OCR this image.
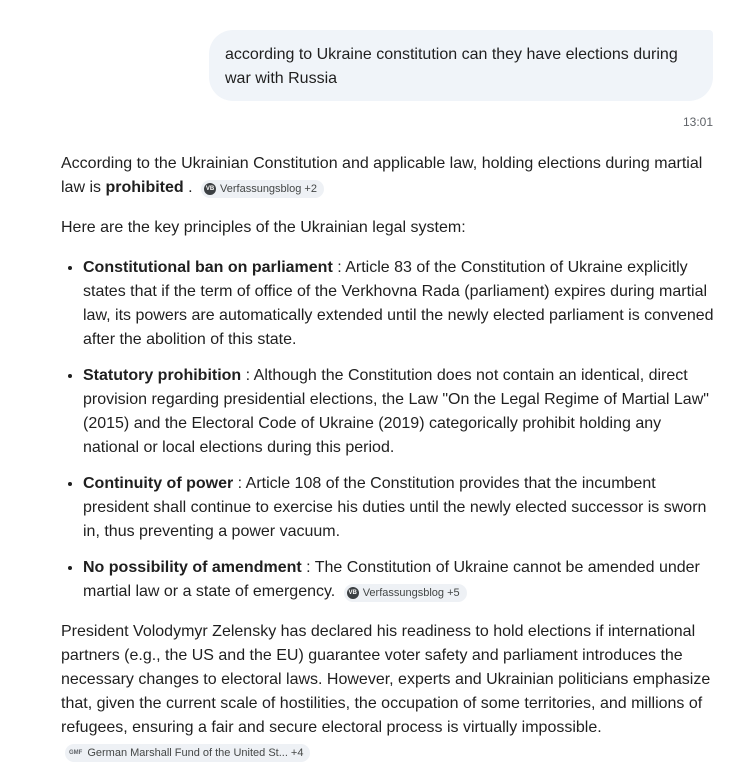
according to Ukraine constitution can they have elections during war with Russia
13:01

According to the Ukrainian Constitution and applicable law, holding elections during martial law is prohibited .	VB Verfassungsblog +2

Here are the key principles of the Ukrainian legal system:

• Constitutional ban on parliament : Article 83 of the Constitution of Ukraine explicitly states that if the term of office of the Verkhovna Rada (parliament) expires during martial law, its powers are automatically extended until the newly elected parliament is convened after the abolition of this state.
• Statutory prohibition : Although the Constitution does not contain an identical, direct provision regarding presidential elections, the Law "On the Legal Regime of Martial Law" (2015) and the Electoral Code of Ukraine (2019) categorically prohibit holding any national or local elections during this period.
• Continuity of power : Article 108 of the Constitution provides that the incumbent president shall continue to exercise his duties until the newly elected successor is sworn in, thus preventing a power vacuum.
• No possibility of amendment : The Constitution of Ukraine cannot be amended under martial law or a state of emergency.	VB Verfassungsblog +5

President Volodymyr Zelensky has declared his readiness to hold elections if international partners (e.g., the US and the EU) guarantee voter safety and parliament introduces the necessary changes to electoral laws. However, experts and Ukrainian politicians emphasize that, given the current scale of hostilities, the occupation of some territories, and millions of refugees, ensuring a fair and secure electoral process is virtually impossible.
GMF German Marshall Fund of the United St... +4
